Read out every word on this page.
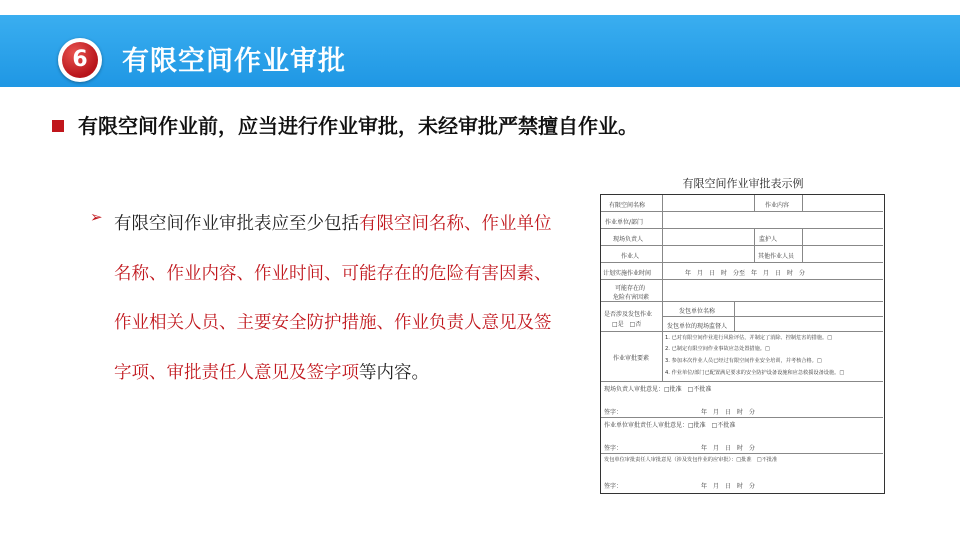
6	有限空间作业审批
有限空间作业前，应当进行作业审批，未经审批严禁擅自作业。
➢ 有限空间作业审批表应至少包括有限空间名称、作业单位名称、作业内容、作业时间、可能存在的危险有害因素、作业相关人员、主要安全防护措施、作业负责人意见及签字项、审批责任人意见及签字项等内容。
有限空间作业审批表示例
有限空间名称	作业内容
作业单位/部门
现场负责人	监护人
作业人	其他作业人员
计划实施作业时间	年　月　日　时　分至　年　月　日　时　分
可能存在的
危险有害因素
是否涉及发包作业
□是　□否
发包单位名称
发包单位的现场监督人
作业审批要素
1. 已对有限空间作业进行风险评估，并制定了消除、控制危害的措施。□
2. 已制定有限空间作业事故应急处置措施。□
3. 参加本次作业人员已经过有限空间作业安全培训，并考核合格。□
4. 作业单位/部门已配置满足要求的安全防护设备设施和应急救援设备设施。□
现场负责人审批意见：□批准　□不批准
签字：	年　月　日　时　分
作业单位审批责任人审批意见：□批准　□不批准
签字：	年　月　日　时　分
发包单位审批责任人审批意见（涉及发包作业的应审批）：□批准　□不批准
签字：	年　月　日　时　分
